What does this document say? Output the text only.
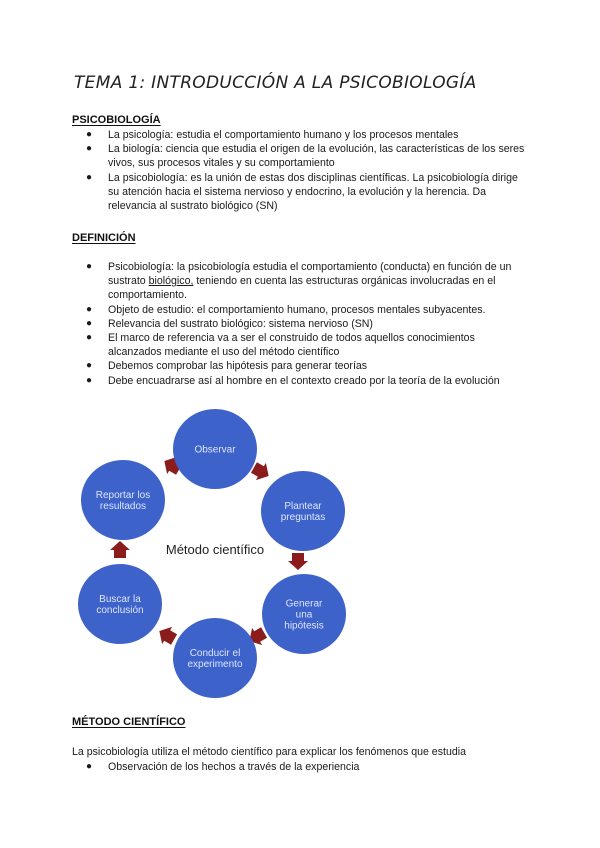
TEMA 1: INTRODUCCIÓN A LA PSICOBIOLOGÍA
PSICOBIOLOGÍA
● La psicología: estudia el comportamiento humano y los procesos mentales
● La biología: ciencia que estudia el origen de la evolución, las características de los seres vivos, sus procesos vitales y su comportamiento
● La psicobiología: es la unión de estas dos disciplinas científicas. La psicobiología dirige su atención hacia el sistema nervioso y endocrino, la evolución y la herencia. Da relevancia al sustrato biológico (SN)
DEFINICIÓN
● Psicobiología: la psicobiología estudia el comportamiento (conducta) en función de un sustrato biológico, teniendo en cuenta las estructuras orgánicas involucradas en el comportamiento.
● Objeto de estudio: el comportamiento humano, procesos mentales subyacentes.
● Relevancia del sustrato biológico: sistema nervioso (SN)
● El marco de referencia va a ser el construido de todos aquellos conocimientos alcanzados mediante el uso del método científico
● Debemos comprobar las hipótesis para generar teorías
● Debe encuadrarse así al hombre en el contexto creado por la teoría de la evolución
Observar
Plantear
preguntas
Generar
una
hipótesis
Conducir el
experimento
Buscar la
conclusión
Reportar los
resultados
Método científico
MÉTODO CIENTÍFICO
La psicobiología utiliza el método científico para explicar los fenómenos que estudia
● Observación de los hechos a través de la experiencia
